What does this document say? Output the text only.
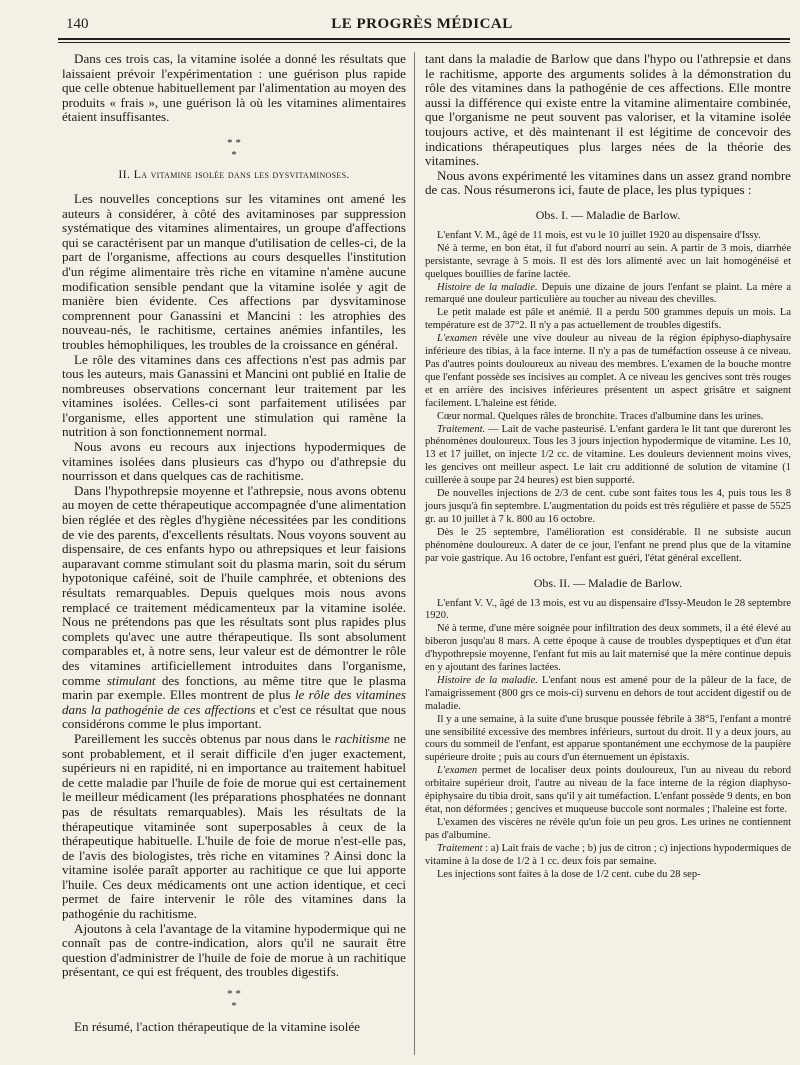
140	LE PROGRÈS MÉDICAL

Dans ces trois cas, la vitamine isolée a donné les résultats que laissaient prévoir l'expérimentation : une guérison plus rapide que celle obtenue habituellement par l'alimentation au moyen des produits « frais », une guérison là où les vitamines alimentaires étaient insuffisantes.

* *
*
II. La vitamine isolée dans les dysvitaminoses.

Les nouvelles conceptions sur les vitamines ont amené les auteurs à considérer, à côté des avitaminoses par suppression systématique des vitamines alimentaires, un groupe d'affections qui se caractérisent par un manque d'utilisation de celles-ci, de la part de l'organisme, affections au cours desquelles l'institution d'un régime alimentaire très riche en vitamine n'amène aucune modification sensible pendant que la vitamine isolée y agit de manière bien évidente. Ces affections par dysvitaminose comprennent pour Ganassini et Mancini : les atrophies des nouveau-nés, le rachitisme, certaines anémies infantiles, les troubles hémophiliques, les troubles de la croissance en général.

Le rôle des vitamines dans ces affections n'est pas admis par tous les auteurs, mais Ganassini et Mancini ont publié en Italie de nombreuses observations concernant leur traitement par les vitamines isolées. Celles-ci sont parfaitement utilisées par l'organisme, elles apportent une stimulation qui ramène la nutrition à son fonctionnement normal.

Nous avons eu recours aux injections hypodermiques de vitamines isolées dans plusieurs cas d'hypo ou d'athrepsie du nourrisson et dans quelques cas de rachitisme.

Dans l'hypothrepsie moyenne et l'athrepsie, nous avons obtenu au moyen de cette thérapeutique accompagnée d'une alimentation bien réglée et des règles d'hygiène nécessitées par les conditions de vie des parents, d'excellents résultats. Nous voyons souvent au dispensaire, de ces enfants hypo ou athrepsiques et leur faisions auparavant comme stimulant soit du plasma marin, soit du sérum hypotonique caféiné, soit de l'huile camphrée, et obtenions des résultats remarquables. Depuis quelques mois nous avons remplacé ce traitement médicamenteux par la vitamine isolée. Nous ne prétendons pas que les résultats sont plus rapides plus complets qu'avec une autre thérapeutique. Ils sont absolument comparables et, à notre sens, leur valeur est de démontrer le rôle des vitamines artificiellement introduites dans l'organisme, comme stimulant des fonctions, au même titre que le plasma marin par exemple. Elles montrent de plus le rôle des vitamines dans la pathogénie de ces affections et c'est ce résultat que nous considérons comme le plus important.

Pareillement les succès obtenus par nous dans le rachitisme ne sont probablement, et il serait difficile d'en juger exactement, supérieurs ni en rapidité, ni en importance au traitement habituel de cette maladie par l'huile de foie de morue qui est certainement le meilleur médicament (les préparations phosphatées ne donnant pas de résultats remarquables). Mais les résultats de la thérapeutique vitaminée sont superposables à ceux de la thérapeutique habituelle. L'huile de foie de morue n'est-elle pas, de l'avis des biologistes, très riche en vitamines ? Ainsi donc la vitamine isolée paraît apporter au rachitique ce que lui apporte l'huile. Ces deux médicaments ont une action identique, et ceci permet de faire intervenir le rôle des vitamines dans la pathogénie du rachitisme.

Ajoutons à cela l'avantage de la vitamine hypodermique qui ne connaît pas de contre-indication, alors qu'il ne saurait être question d'administrer de l'huile de foie de morue à un rachitique présentant, ce qui est fréquent, des troubles digestifs.

* *
*

En résumé, l'action thérapeutique de la vitamine isolée

tant dans la maladie de Barlow que dans l'hypo ou l'athrepsie et dans le rachitisme, apporte des arguments solides à la démonstration du rôle des vitamines dans la pathogénie de ces affections. Elle montre aussi la différence qui existe entre la vitamine alimentaire combinée, que l'organisme ne peut souvent pas valoriser, et la vitamine isolée toujours active, et dès maintenant il est légitime de concevoir des indications thérapeutiques plus larges nées de la théorie des vitamines.

Nous avons expérimenté les vitamines dans un assez grand nombre de cas. Nous résumerons ici, faute de place, les plus typiques :

Obs. I. — Maladie de Barlow.

L'enfant V. M., âgé de 11 mois, est vu le 10 juillet 1920 au dispensaire d'Issy.

Né à terme, en bon état, il fut d'abord nourri au sein. A partir de 3 mois, diarrhée persistante, sevrage à 5 mois. Il est dès lors alimenté avec un lait homogénéisé et quelques bouillies de farine lactée.

Histoire de la maladie. Depuis une dizaine de jours l'enfant se plaint. La mère a remarqué une douleur particulière au toucher au niveau des chevilles.

Le petit malade est pâle et anémié. Il a perdu 500 grammes depuis un mois. La température est de 37°2. Il n'y a pas actuellement de troubles digestifs.

L'examen révèle une vive douleur au niveau de la région épiphyso-diaphysaire inférieure des tibias, à la face interne. Il n'y a pas de tuméfaction osseuse à ce niveau. Pas d'autres points douloureux au niveau des membres. L'examen de la bouche montre que l'enfant possède ses incisives au complet. A ce niveau les gencives sont très rouges et en arrière des incisives inférieures présentent un aspect grisâtre et saignent facilement. L'haleine est fétide.

Cœur normal. Quelques râles de bronchite. Traces d'albumine dans les urines.

Traitement. — Lait de vache pasteurisé. L'enfant gardera le lit tant que dureront les phénomènes douloureux. Tous les 3 jours injection hypodermique de vitamine. Les 10, 13 et 17 juillet, on injecte 1/2 cc. de vitamine. Les douleurs deviennent moins vives, les gencives ont meilleur aspect. Le lait cru additionné de solution de vitamine (1 cuillerée à soupe par 24 heures) est bien supporté.

De nouvelles injections de 2/3 de cent. cube sont faites tous les 4, puis tous les 8 jours jusqu'à fin septembre. L'augmentation du poids est très régulière et passe de 5525 gr. au 10 juillet à 7 k. 800 au 16 octobre.

Dès le 25 septembre, l'amélioration est considérable. Il ne subsiste aucun phénomène douloureux. A dater de ce jour, l'enfant ne prend plus que de la vitamine par voie gastrique. Au 16 octobre, l'enfant est guéri, l'état général excellent.

Obs. II. — Maladie de Barlow.

L'enfant V. V., âgé de 13 mois, est vu au dispensaire d'Issy-Meudon le 28 septembre 1920.

Né à terme, d'une mère soignée pour infiltration des deux sommets, il a été élevé au biberon jusqu'au 8 mars. A cette époque à cause de troubles dyspeptiques et d'un état d'hypothrepsie moyenne, l'enfant fut mis au lait maternisé que la mère continue depuis en y ajoutant des farines lactées.

Histoire de la maladie. L'enfant nous est amené pour de la pâleur de la face, de l'amaigrissement (800 grs ce mois-ci) survenu en dehors de tout accident digestif ou de maladie.

Il y a une semaine, à la suite d'une brusque poussée fébrile à 38°5, l'enfant a montré une sensibilité excessive des membres inférieurs, surtout du droit. Il y a deux jours, au cours du sommeil de l'enfant, est apparue spontanément une ecchymose de la paupière supérieure droite ; puis au cours d'un éternuement un épistaxis.

L'examen permet de localiser deux points douloureux, l'un au niveau du rebord orbitaire supérieur droit, l'autre au niveau de la face interne de la région diaphyso-épiphysaire du tibia droit, sans qu'il y ait tuméfaction. L'enfant possède 9 dents, en bon état, non déformées ; gencives et muqueuse buccole sont normales ; l'haleine est forte.

L'examen des viscères ne révèle qu'un foie un peu gros. Les urines ne contiennent pas d'albumine.

Traitement : a) Lait frais de vache ; b) jus de citron ; c) injections hypodermiques de vitamine à la dose de 1/2 à 1 cc. deux fois par semaine.

Les injections sont faites à la dose de 1/2 cent. cube du 28 sep-
